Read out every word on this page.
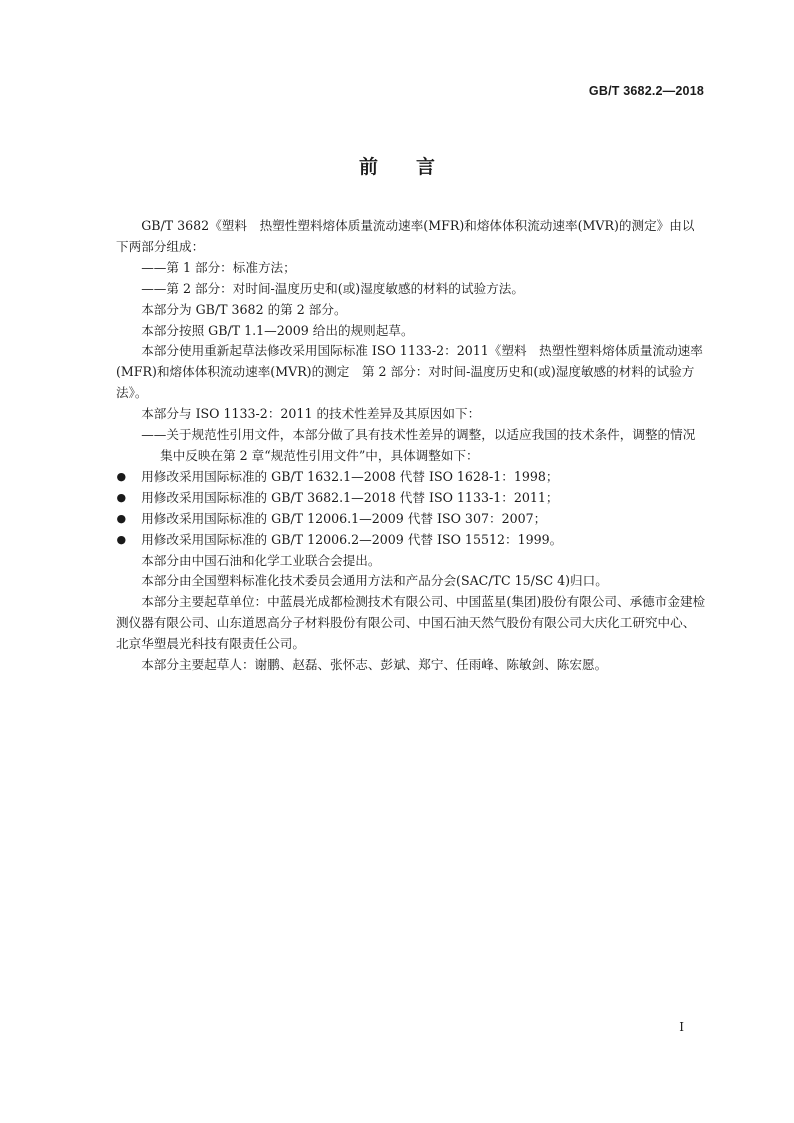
GB/T 3682.2—2018
前言

GB/T 3682《塑料　热塑性塑料熔体质量流动速率(MFR)和熔体体积流动速率(MVR)的测定》由以下两部分组成：

——第 1 部分：标准方法；

——第 2 部分：对时间-温度历史和(或)湿度敏感的材料的试验方法。

本部分为 GB/T 3682 的第 2 部分。

本部分按照 GB/T 1.1—2009 给出的规则起草。

本部分使用重新起草法修改采用国际标准 ISO 1133-2：2011《塑料　热塑性塑料熔体质量流动速率(MFR)和熔体体积流动速率(MVR)的测定　第 2 部分：对时间-温度历史和(或)湿度敏感的材料的试验方法》。

本部分与 ISO 1133-2：2011 的技术性差异及其原因如下：

——关于规范性引用文件，本部分做了具有技术性差异的调整，以适应我国的技术条件，调整的情况集中反映在第 2 章“规范性引用文件”中，具体调整如下：

● 用修改采用国际标准的 GB/T 1632.1—2008 代替 ISO 1628-1：1998；
● 用修改采用国际标准的 GB/T 3682.1—2018 代替 ISO 1133-1：2011；
● 用修改采用国际标准的 GB/T 12006.1—2009 代替 ISO 307：2007；
● 用修改采用国际标准的 GB/T 12006.2—2009 代替 ISO 15512：1999。

本部分由中国石油和化学工业联合会提出。

本部分由全国塑料标准化技术委员会通用方法和产品分会(SAC/TC 15/SC 4)归口。

本部分主要起草单位：中蓝晨光成都检测技术有限公司、中国蓝星(集团)股份有限公司、承德市金建检测仪器有限公司、山东道恩高分子材料股份有限公司、中国石油天然气股份有限公司大庆化工研究中心、北京华塑晨光科技有限责任公司。

本部分主要起草人：谢鹏、赵磊、张怀志、彭斌、郑宁、任雨峰、陈敏剑、陈宏愿。

I
